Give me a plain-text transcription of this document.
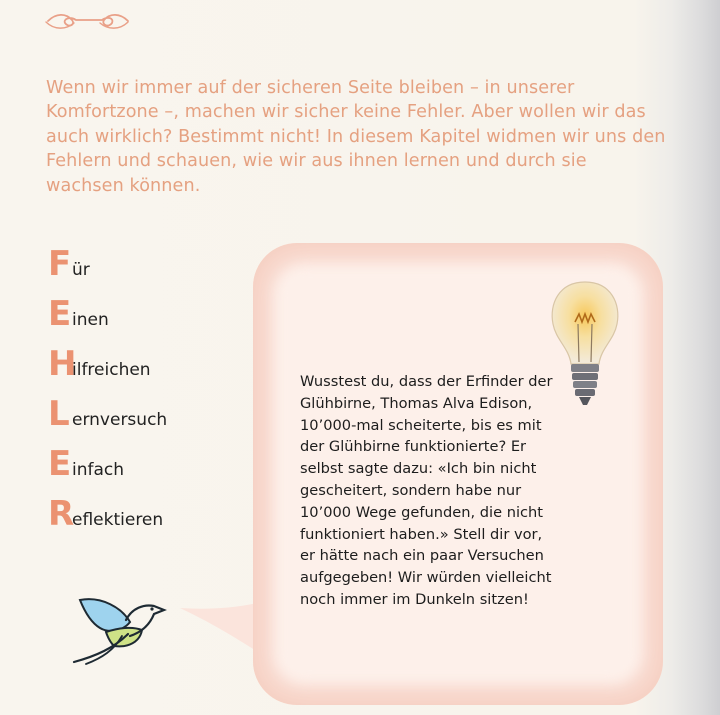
Wenn wir immer auf der sicheren Seite bleiben – in unserer Komfortzone –, machen wir sicher keine Fehler. Aber wollen wir das auch wirklich? Bestimmt nicht! In diesem Kapitel widmen wir uns den Fehlern und schauen, wie wir aus ihnen lernen und durch sie wachsen können.

F ür
E inen
H
ilfreichen
L ernversuch
E infach
R
eflektieren
Wusstest du, dass der Erfinder der Glühbirne, Thomas Alva Edison, 10’000-mal scheiterte, bis es mit der Glühbirne funktionierte? Er selbst sagte dazu: «Ich bin nicht gescheitert, sondern habe nur 10’000 Wege gefunden, die nicht funktioniert haben.» Stell dir vor, er hätte nach ein paar Versuchen aufgegeben! Wir würden vielleicht noch immer im Dunkeln sitzen!
